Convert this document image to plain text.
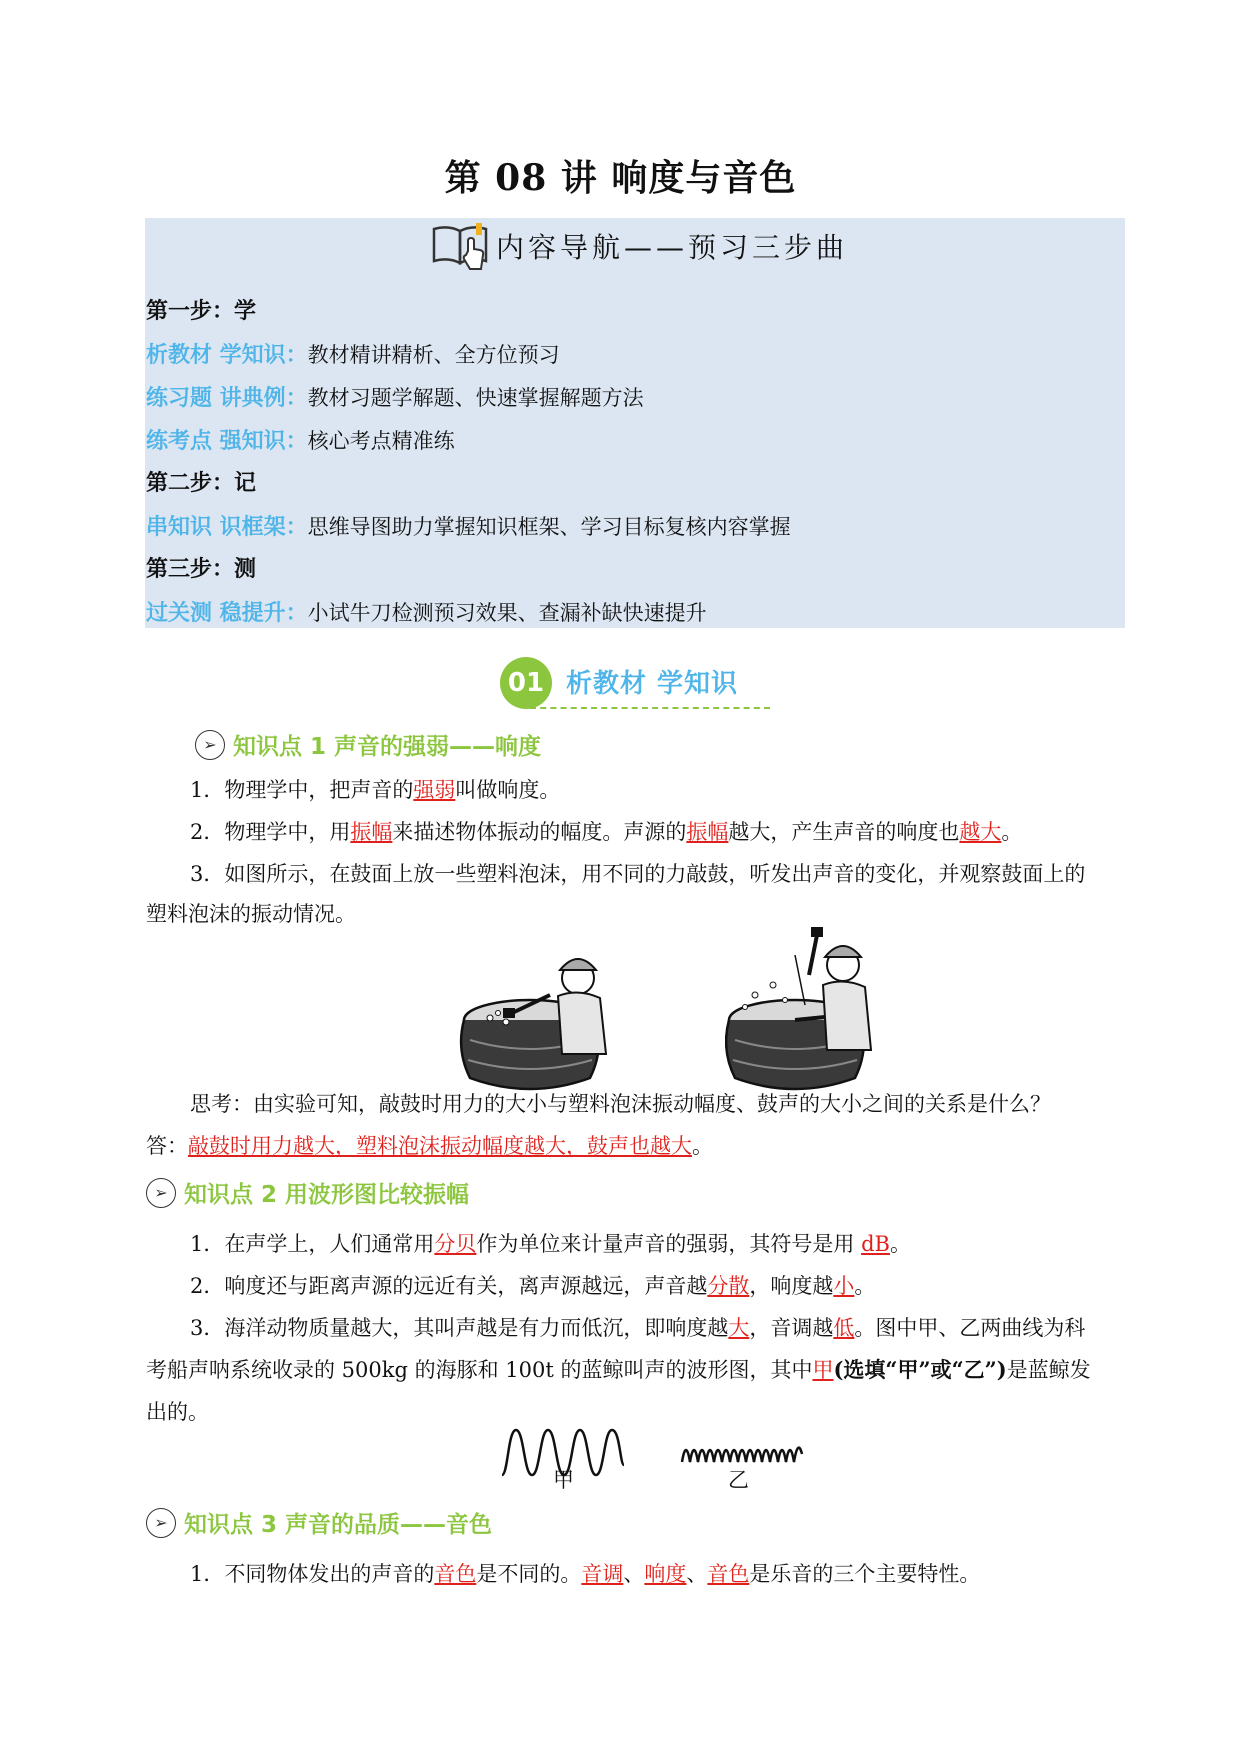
第 08 讲 响度与音色
内容导航——预习三步曲
第一步：学
析教材 学知识：教材精讲精析、全方位预习
练习题 讲典例：教材习题学解题、快速掌握解题方法
练考点 强知识：核心考点精准练
第二步：记
串知识 识框架：思维导图助力掌握知识框架、学习目标复核内容掌握
第三步：测
过关测 稳提升：小试牛刀检测预习效果、查漏补缺快速提升
01 析教材 学知识
➢ 知识点 1 声音的强弱——响度
1．物理学中，把声音的强弱叫做响度。
2．物理学中，用振幅来描述物体振动的幅度。声源的振幅越大，产生声音的响度也越大。
3．如图所示，在鼓面上放一些塑料泡沫，用不同的力敲鼓，听发出声音的变化，并观察鼓面上的
塑料泡沫的振动情况。
思考：由实验可知，敲鼓时用力的大小与塑料泡沫振动幅度、鼓声的大小之间的关系是什么？
答：敲鼓时用力越大，塑料泡沫振动幅度越大，鼓声也越大。
➢ 知识点 2 用波形图比较振幅
1．在声学上，人们通常用分贝作为单位来计量声音的强弱，其符号是用 dB。
2．响度还与距离声源的远近有关，离声源越远，声音越分散，响度越小。
3．海洋动物质量越大，其叫声越是有力而低沉，即响度越大，音调越低。图中甲、乙两曲线为科
考船声呐系统收录的 500kg 的海豚和 100t 的蓝鲸叫声的波形图，其中甲(选填“甲”或“乙”)是蓝鲸发
出的。
甲	乙
➢ 知识点 3 声音的品质——音色
1．不同物体发出的声音的音色是不同的。音调、响度、音色是乐音的三个主要特性。
